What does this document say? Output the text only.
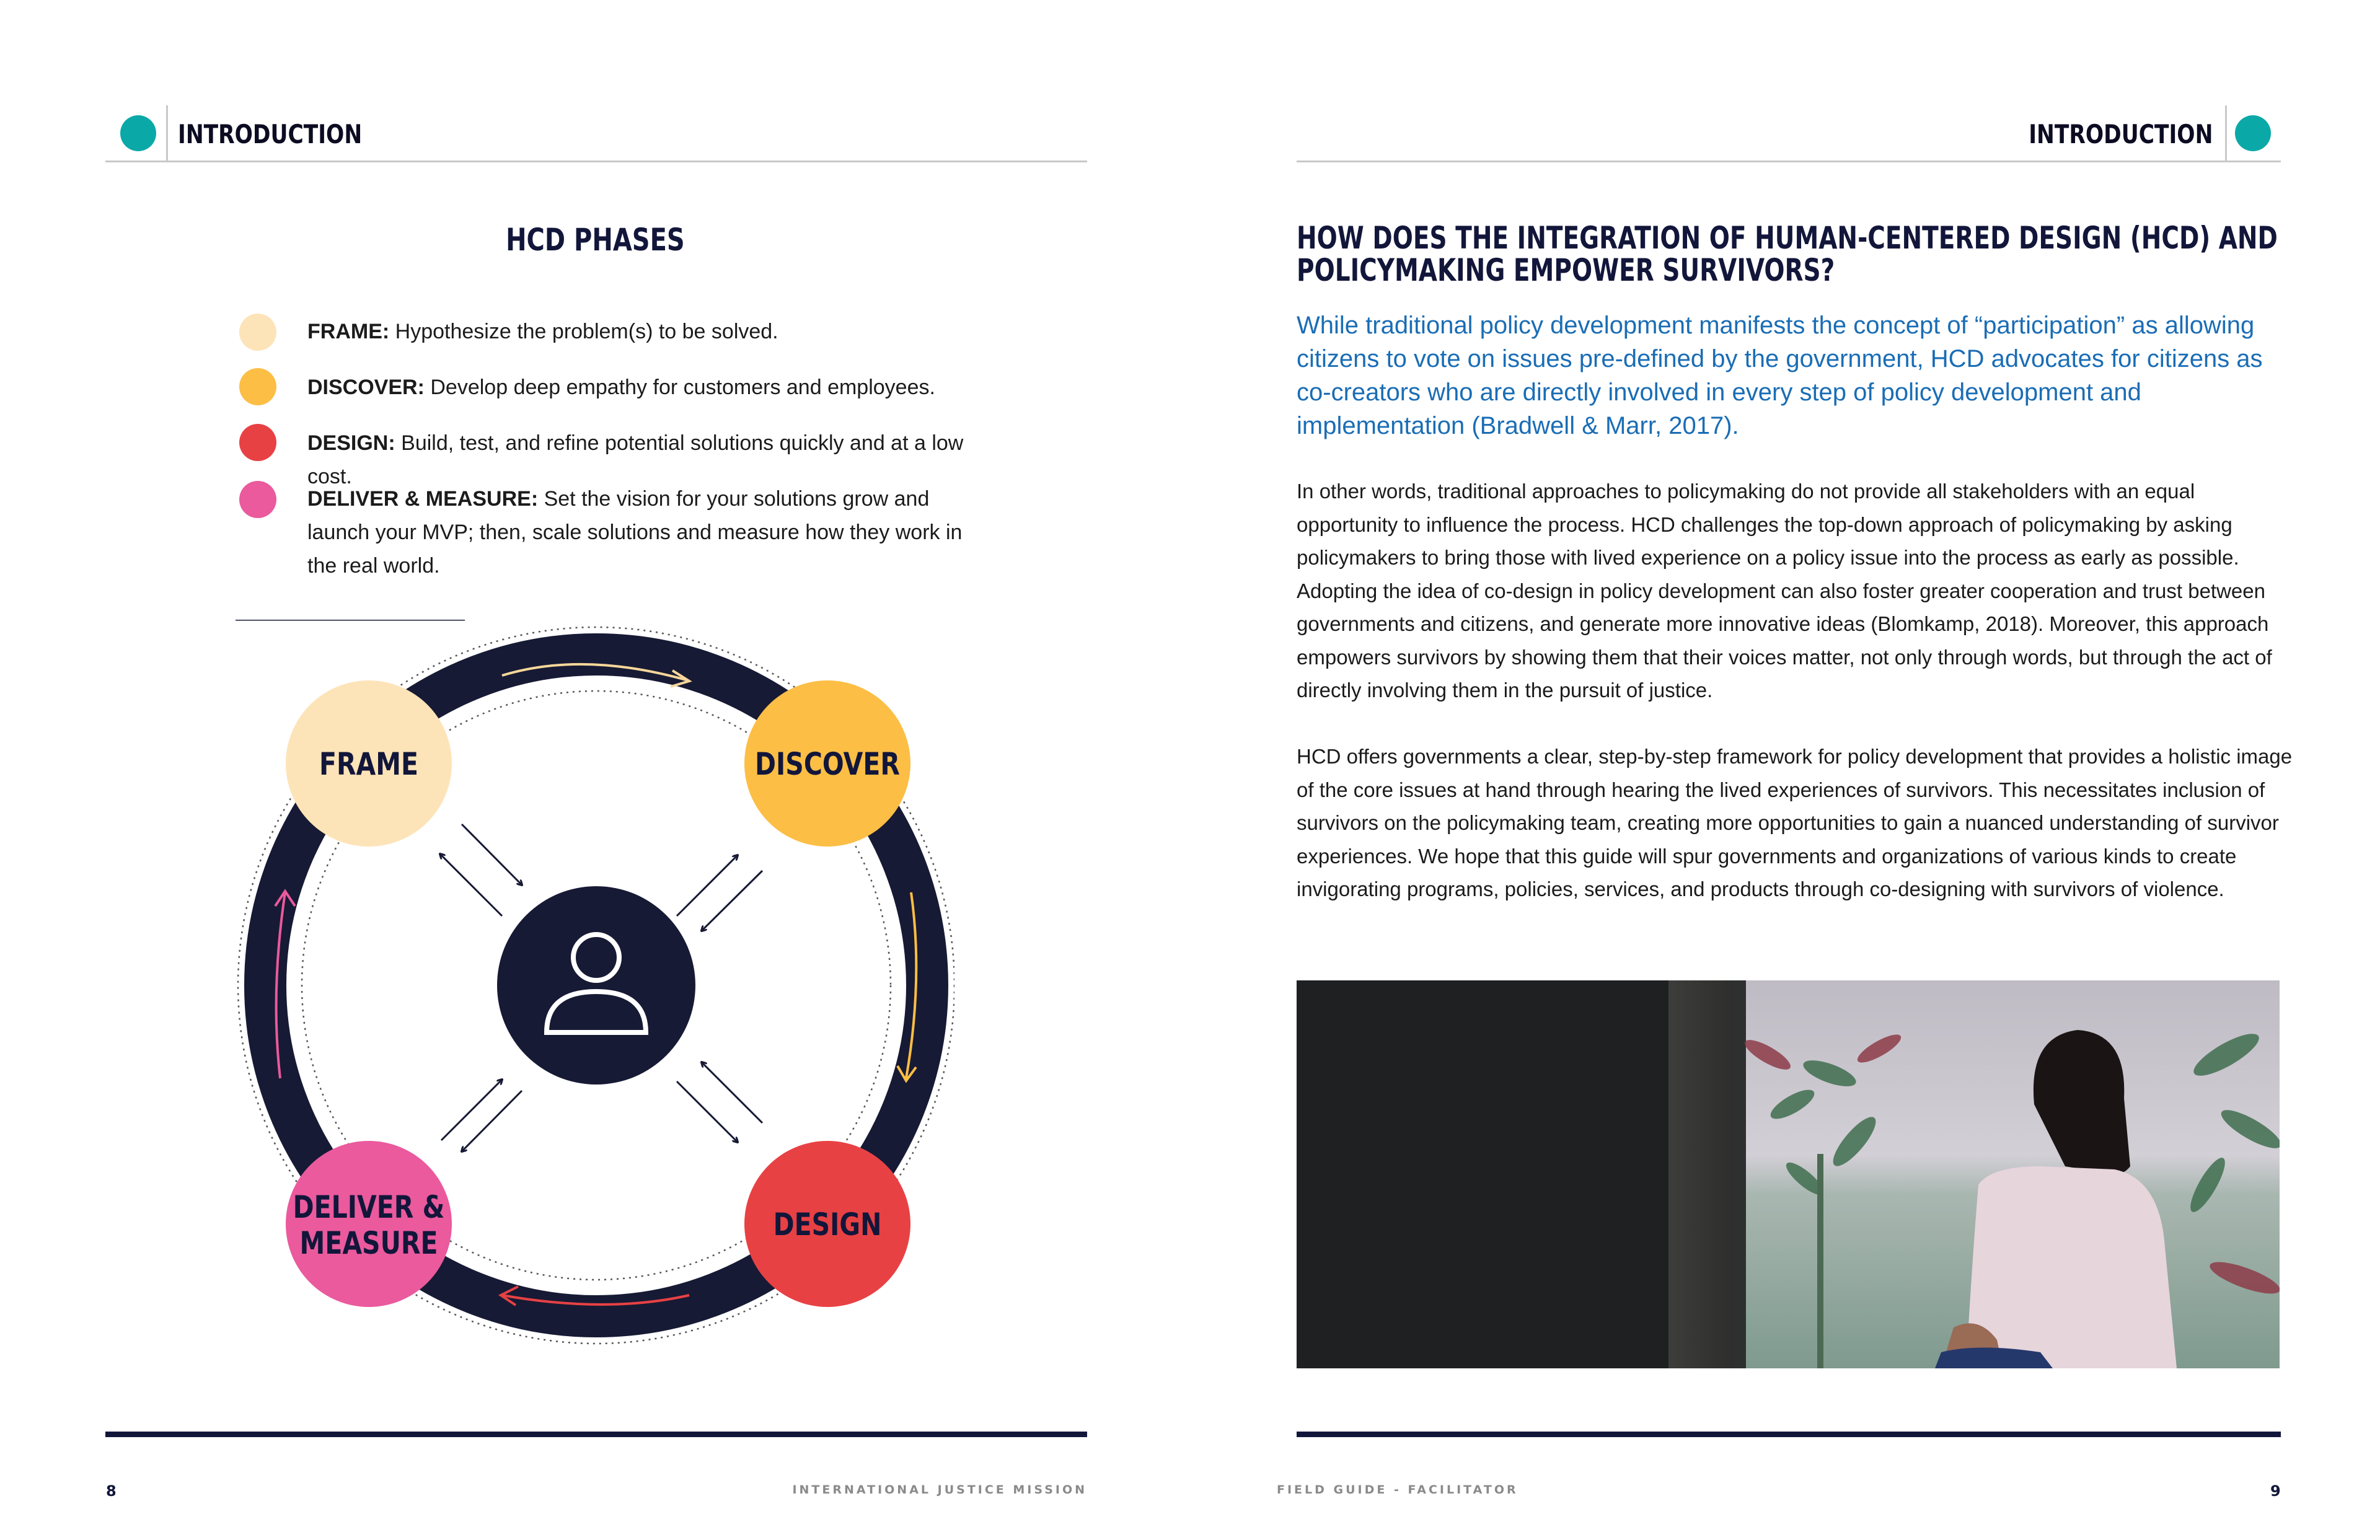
INTRODUCTION
HCD PHASES
FRAME: Hypothesize the problem(s) to be solved.
DISCOVER: Develop deep empathy for customers and employees.
DESIGN: Build, test, and refine potential solutions quickly and at a low cost.
DELIVER & MEASURE: Set the vision for your solutions grow and launch your MVP; then, scale solutions and measure how they work in the real world.
FRAME	DISCOVER
DESIGN
DELIVER &
MEASURE
8	INTERNATIONAL JUSTICE MISSION
INTRODUCTION
HOW DOES THE INTEGRATION OF HUMAN-CENTERED DESIGN (HCD) AND
POLICYMAKING EMPOWER SURVIVORS?
While traditional policy development manifests the concept of “participation” as allowing citizens to vote on issues pre-defined by the government, HCD advocates for citizens as co-creators who are directly involved in every step of policy development and implementation (Bradwell & Marr, 2017).
In other words, traditional approaches to policymaking do not provide all stakeholders with an equal opportunity to influence the process. HCD challenges the top-down approach of policymaking by asking policymakers to bring those with lived experience on a policy issue into the process as early as possible. Adopting the idea of co-design in policy development can also foster greater cooperation and trust between governments and citizens, and generate more innovative ideas (Blomkamp, 2018). Moreover, this approach empowers survivors by showing them that their voices matter, not only through words, but through the act of directly involving them in the pursuit of justice.
HCD offers governments a clear, step-by-step framework for policy development that provides a holistic image of the core issues at hand through hearing the lived experiences of survivors. This necessitates inclusion of survivors on the policymaking team, creating more opportunities to gain a nuanced understanding of survivor experiences. We hope that this guide will spur governments and organizations of various kinds to create invigorating programs, policies, services, and products through co-designing with survivors of violence.
FIELD GUIDE - FACILITATOR	9
